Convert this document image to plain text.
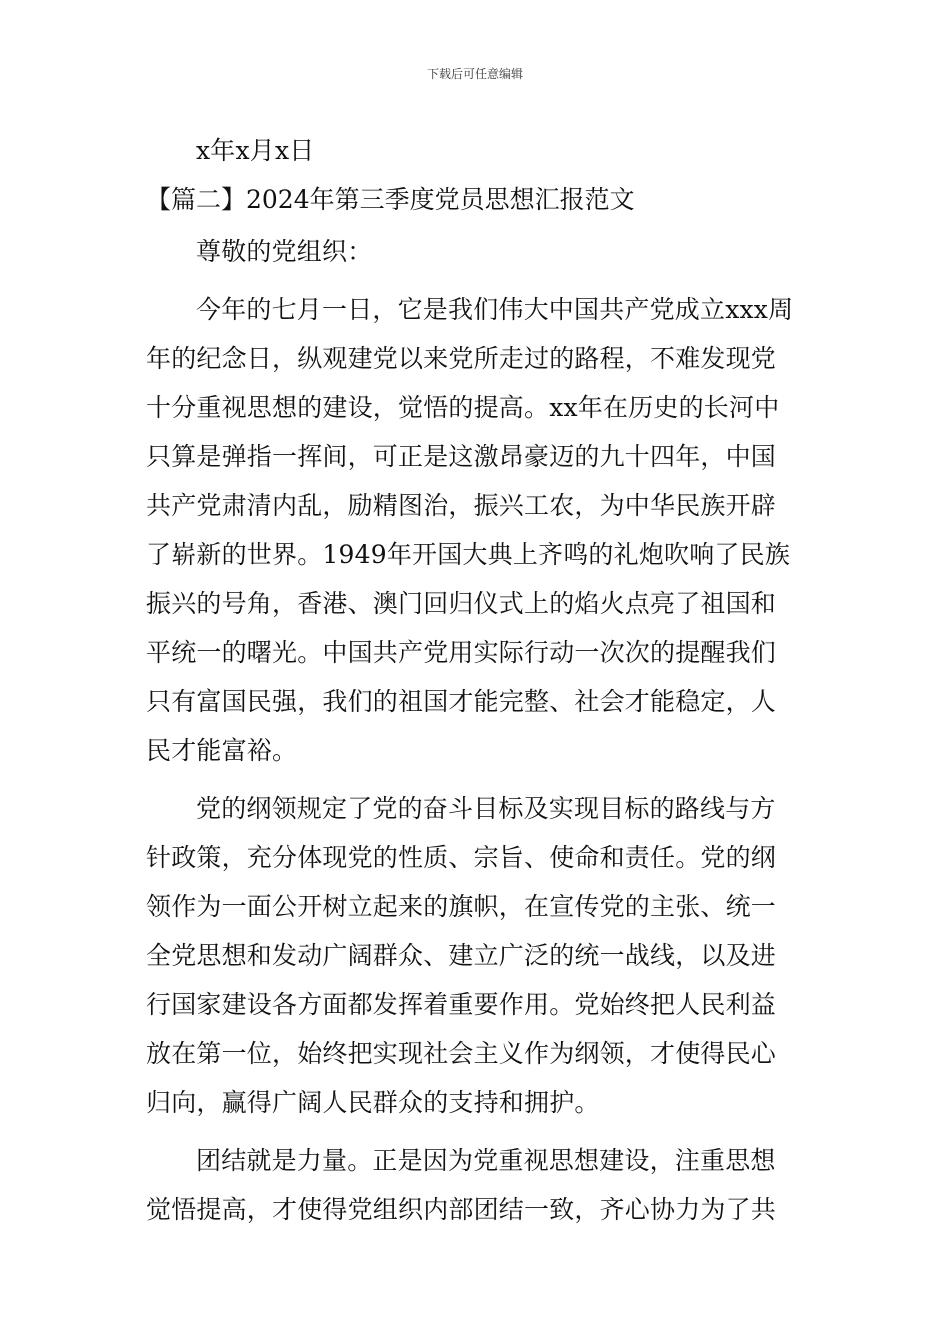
下载后可任意编辑
x年x月x日
【篇二】2024年第三季度党员思想汇报范文
尊敬的党组织：
今年的七月一日，它是我们伟大中国共产党成立xxx周
年的纪念日，纵观建党以来党所走过的路程，不难发现党
十分重视思想的建设，觉悟的提高。xx年在历史的长河中
只算是弹指一挥间，可正是这激昂豪迈的九十四年，中国
共产党肃清内乱，励精图治，振兴工农，为中华民族开辟
了崭新的世界。1949年开国大典上齐鸣的礼炮吹响了民族
振兴的号角，香港、澳门回归仪式上的焰火点亮了祖国和
平统一的曙光。中国共产党用实际行动一次次的提醒我们
只有富国民强，我们的祖国才能完整、社会才能稳定，人
民才能富裕。
党的纲领规定了党的奋斗目标及实现目标的路线与方
针政策，充分体现党的性质、宗旨、使命和责任。党的纲
领作为一面公开树立起来的旗帜，在宣传党的主张、统一
全党思想和发动广阔群众、建立广泛的统一战线，以及进
行国家建设各方面都发挥着重要作用。党始终把人民利益
放在第一位，始终把实现社会主义作为纲领，才使得民心
归向，赢得广阔人民群众的支持和拥护。
团结就是力量。正是因为党重视思想建设，注重思想
觉悟提高，才使得党组织内部团结一致，齐心协力为了共
